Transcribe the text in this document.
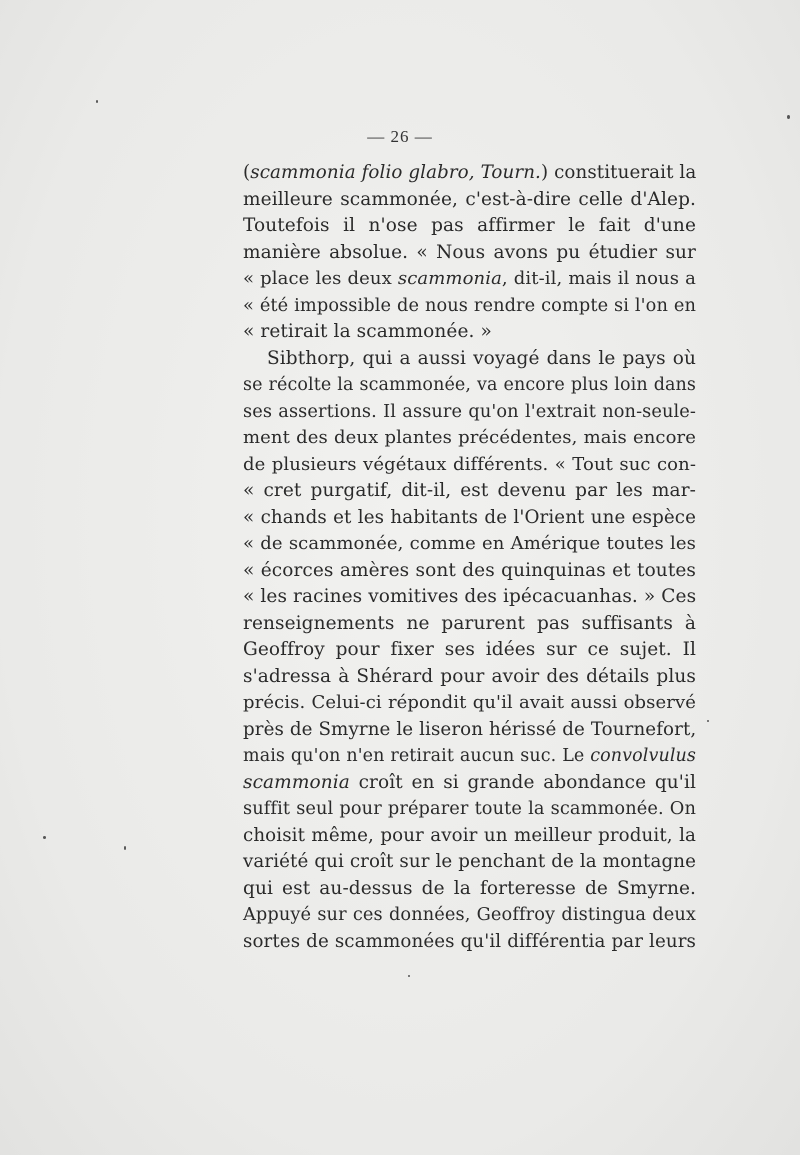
— 26 —
(scammonia folio glabro, Tourn.) constituerait la
meilleure scammonée, c'est-à-dire celle d'Alep.
Toutefois il n'ose pas affirmer le fait d'une
manière absolue. « Nous avons pu étudier sur
« place les deux scammonia, dit-il, mais il nous a
« été impossible de nous rendre compte si l'on en
« retirait la scammonée. »
Sibthorp, qui a aussi voyagé dans le pays où
se récolte la scammonée, va encore plus loin dans
ses assertions. Il assure qu'on l'extrait non-seule-
ment des deux plantes précédentes, mais encore
de plusieurs végétaux différents. « Tout suc con-
« cret purgatif, dit-il, est devenu par les mar-
« chands et les habitants de l'Orient une espèce
« de scammonée, comme en Amérique toutes les
« écorces amères sont des quinquinas et toutes
« les racines vomitives des ipécacuanhas. » Ces
renseignements ne parurent pas suffisants à
Geoffroy pour fixer ses idées sur ce sujet. Il
s'adressa à Shérard pour avoir des détails plus
précis. Celui-ci répondit qu'il avait aussi observé
près de Smyrne le liseron hérissé de Tournefort,
mais qu'on n'en retirait aucun suc. Le convolvulus
scammonia croît en si grande abondance qu'il
suffit seul pour préparer toute la scammonée. On
choisit même, pour avoir un meilleur produit, la
variété qui croît sur le penchant de la montagne
qui est au-dessus de la forteresse de Smyrne.
Appuyé sur ces données, Geoffroy distingua deux
sortes de scammonées qu'il différentia par leurs
